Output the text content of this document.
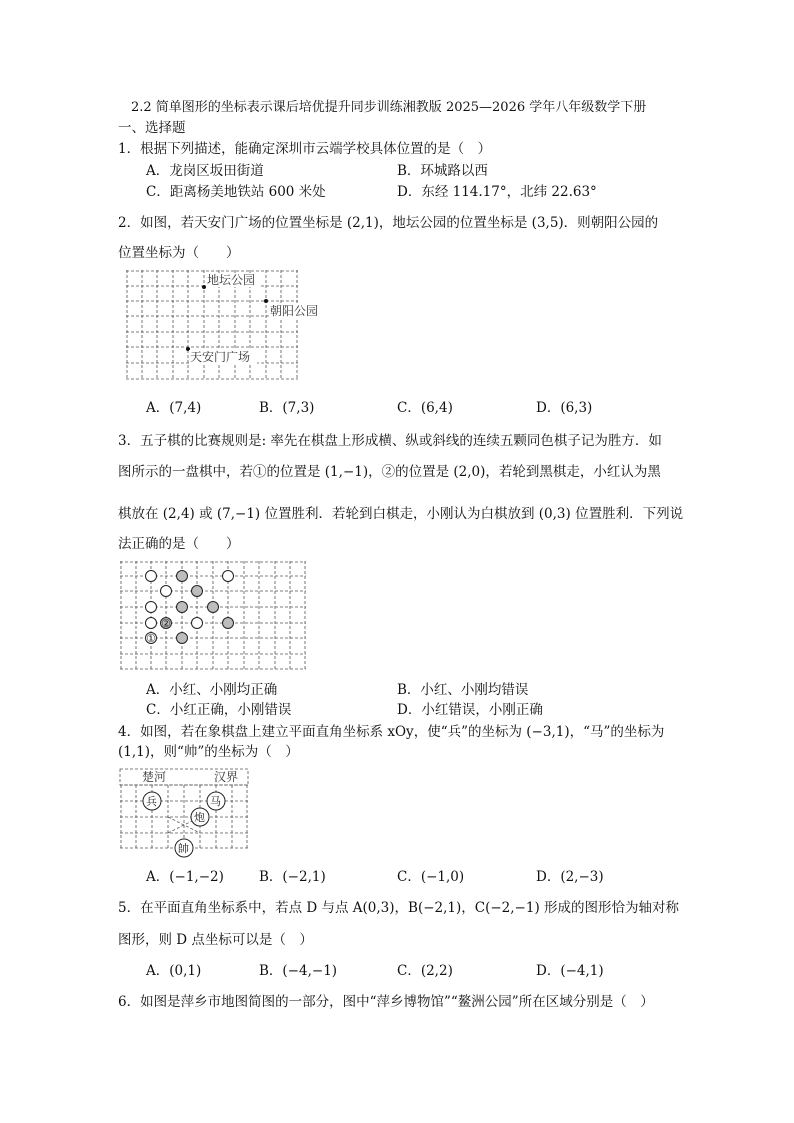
2.2 简单图形的坐标表示课后培优提升同步训练湘教版 2025—2026 学年八年级数学下册
一、选择题
1．根据下列描述，能确定深圳市云端学校具体位置的是（　）
A．龙岗区坂田街道	B．环城路以西
C．距离杨美地铁站 600 米处	D．东经 114.17°，北纬 22.63°
2．如图，若天安门广场的位置坐标是 (2,1)，地坛公园的位置坐标是 (3,5)．则朝阳公园的
位置坐标为（　　）
地坛公园
朝阳公园
天安门广场
A．(7,4)	B．(7,3)	C．(6,4)	D．(6,3)
3．五子棋的比赛规则是: 率先在棋盘上形成横、纵或斜线的连续五颗同色棋子记为胜方．如
图所示的一盘棋中，若①的位置是 (1,−1)，②的位置是 (2,0)，若轮到黑棋走，小红认为黑
棋放在 (2,4) 或 (7,−1) 位置胜利．若轮到白棋走，小刚认为白棋放到 (0,3) 位置胜利．下列说
法正确的是（　　）
②
①
A．小红、小刚均正确	B．小红、小刚均错误
C．小红正确，小刚错误	D．小红错误，小刚正确
4．如图，若在象棋盘上建立平面直角坐标系 xOy，使“兵”的坐标为 (−3,1)，“马”的坐标为
(1,1)，则“帅”的坐标为（　）
楚河	汉界
兵	马
炮
帥
A．(−1,−2)	B．(−2,1)	C．(−1,0)	D．(2,−3)
5．在平面直角坐标系中，若点 D 与点 A(0,3)，B(−2,1)，C(−2,−1) 形成的图形恰为轴对称
图形，则 D 点坐标可以是（　）
A．(0,1)	B．(−4,−1)	C．(2,2)	D．(−4,1)
6．如图是萍乡市地图简图的一部分，图中“萍乡博物馆”“鳌洲公园”所在区域分别是（　）
